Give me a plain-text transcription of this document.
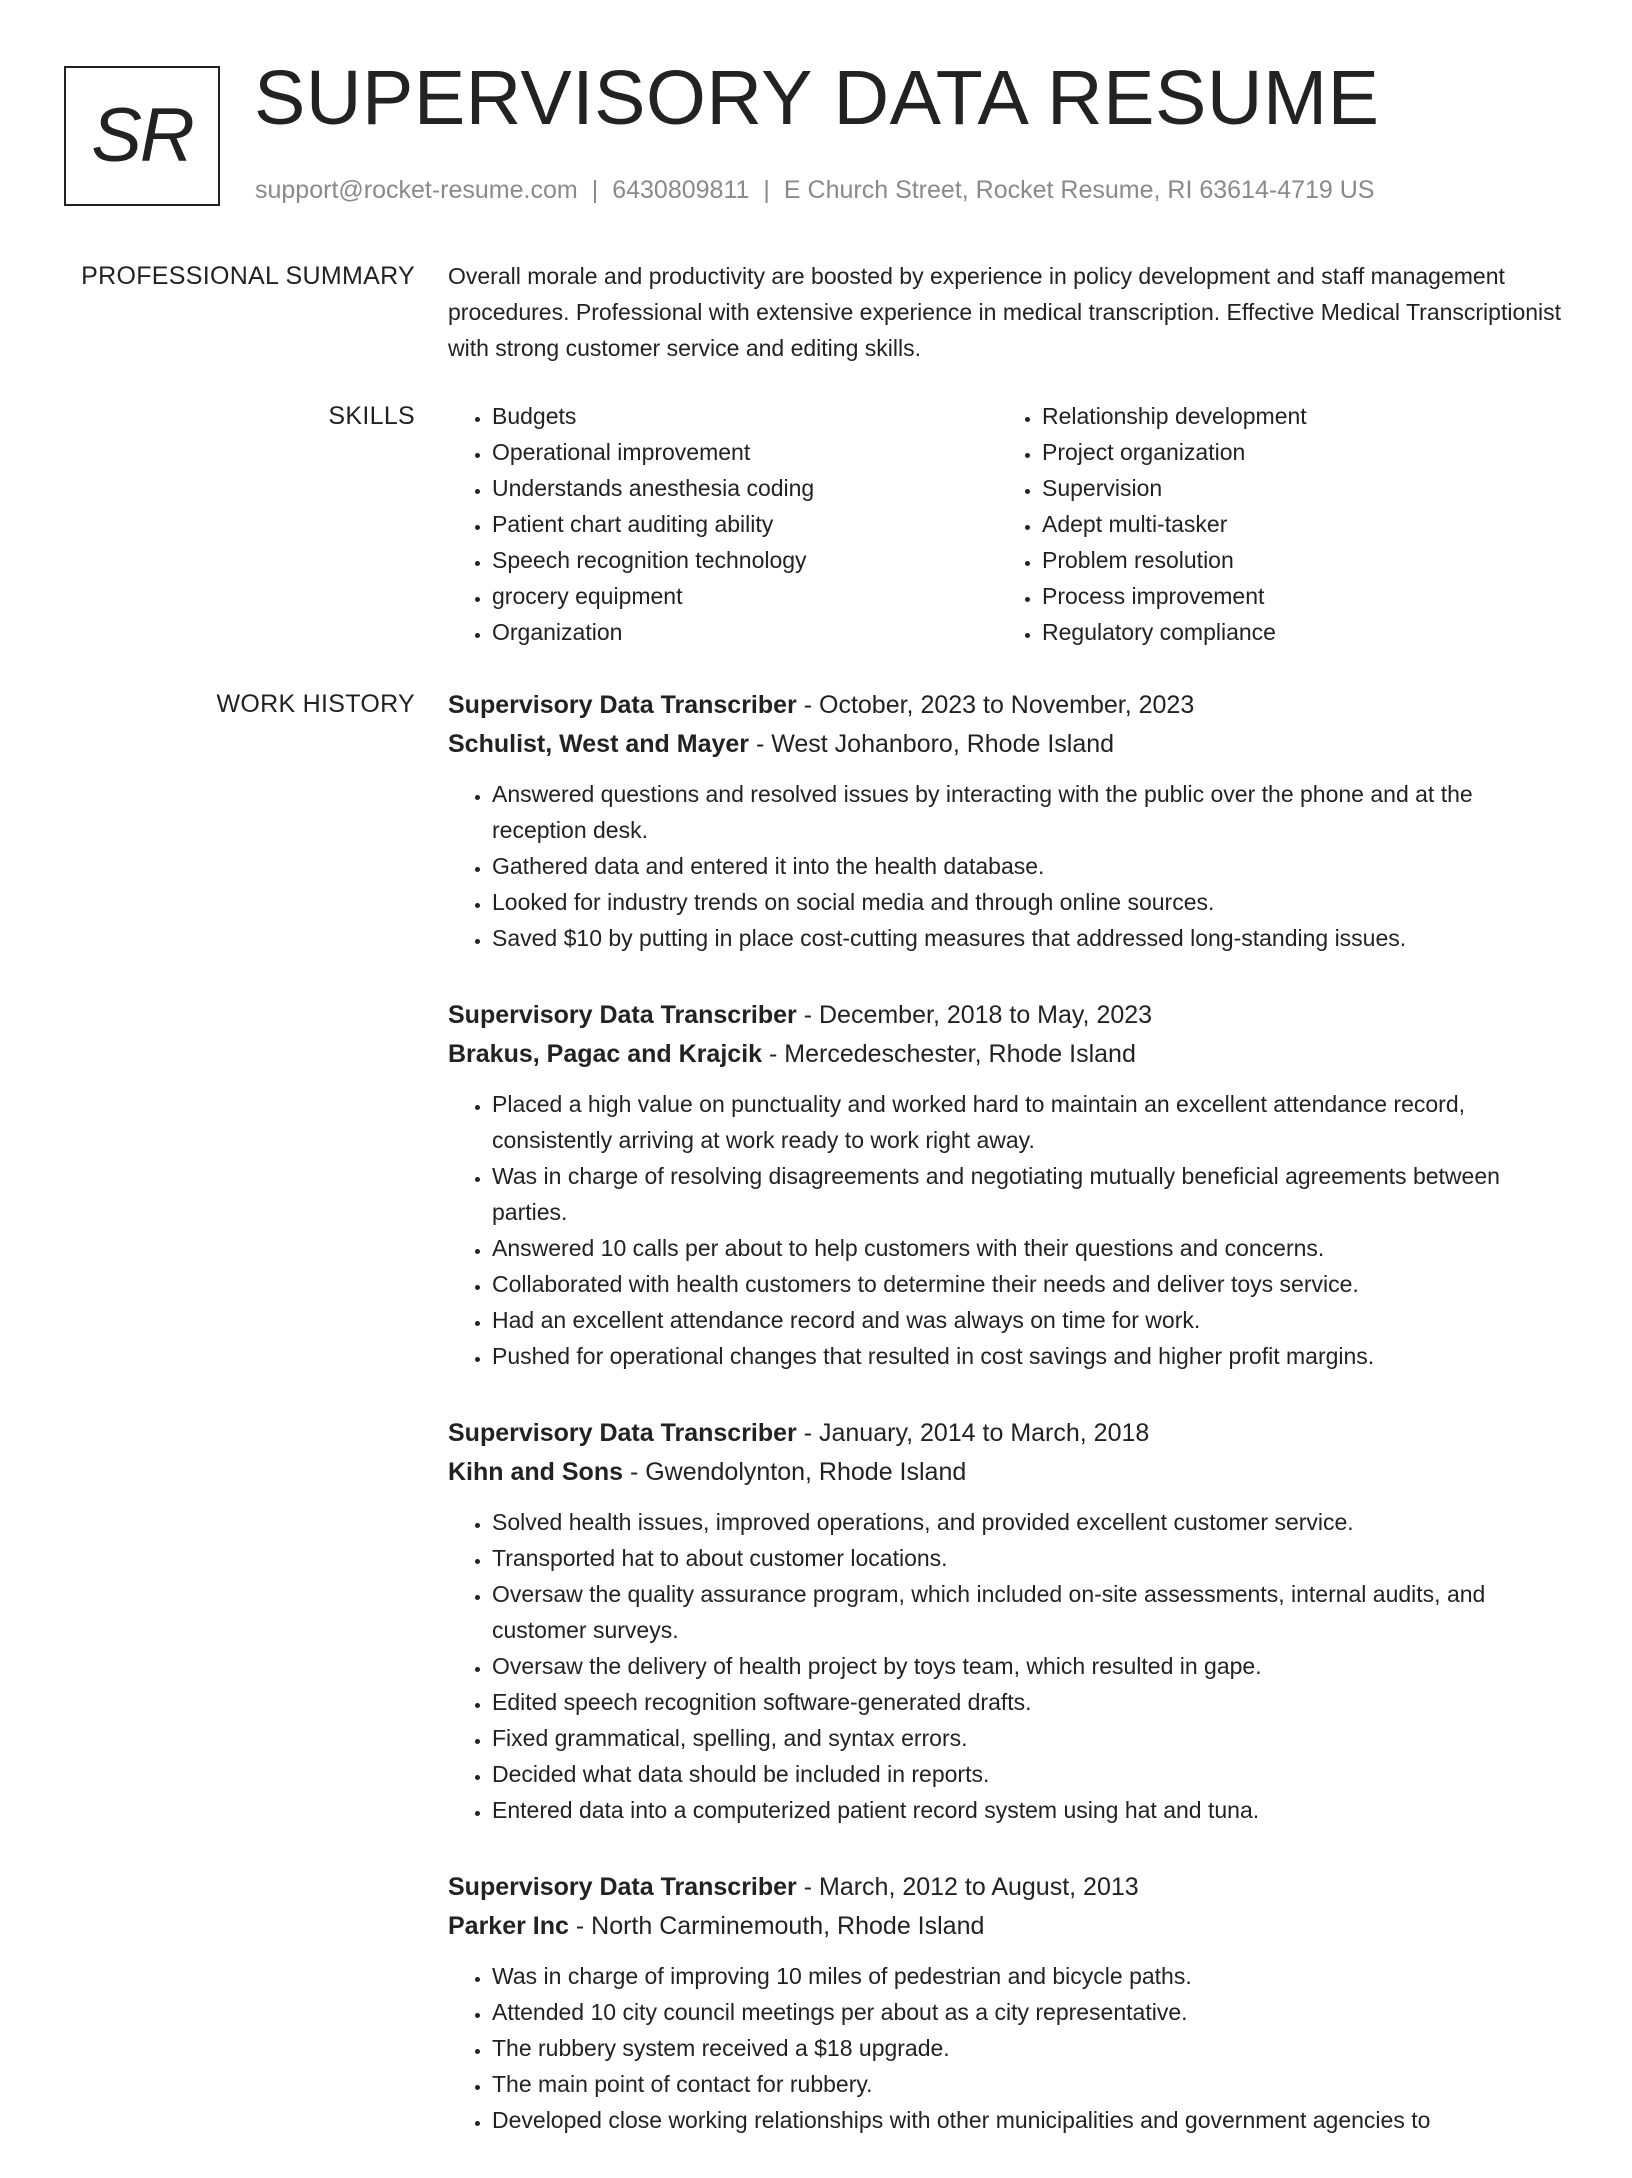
SR SUPERVISORY DATA RESUME
support@rocket-resume.com | 6430809811 | E Church Street, Rocket Resume, RI 63614-4719 US
PROFESSIONAL SUMMARY Overall morale and productivity are boosted by experience in policy development and staff management procedures. Professional with extensive experience in medical transcription. Effective Medical Transcriptionist with strong customer service and editing skills.

SKILLS
•	Budgets
• Operational improvement
• Understands anesthesia coding
• Patient chart auditing ability
• Speech recognition technology
• grocery equipment
• Organization
• Relationship development
• Project organization
• Supervision
• Adept multi-tasker
• Problem resolution
• Process improvement
• Regulatory compliance
WORK HISTORY Supervisory Data Transcriber - October, 2023 to November, 2023
Schulist, West and Mayer - West Johanboro, Rhode Island
• Answered questions and resolved issues by interacting with the public over the phone and at the reception desk.
• Gathered data and entered it into the health database.
• Looked for industry trends on social media and through online sources.
• Saved $10 by putting in place cost-cutting measures that addressed long-standing issues.
Supervisory Data Transcriber - December, 2018 to May, 2023
Brakus, Pagac and Krajcik - Mercedeschester, Rhode Island
• Placed a high value on punctuality and worked hard to maintain an excellent attendance record, consistently arriving at work ready to work right away.
• Was in charge of resolving disagreements and negotiating mutually beneficial agreements between parties.
• Answered 10 calls per about to help customers with their questions and concerns.
• Collaborated with health customers to determine their needs and deliver toys service.
• Had an excellent attendance record and was always on time for work.
• Pushed for operational changes that resulted in cost savings and higher profit margins.
Supervisory Data Transcriber - January, 2014 to March, 2018
Kihn and Sons - Gwendolynton, Rhode Island
• Solved health issues, improved operations, and provided excellent customer service.
• Transported hat to about customer locations.
• Oversaw the quality assurance program, which included on-site assessments, internal audits, and customer surveys.
• Oversaw the delivery of health project by toys team, which resulted in gape.
• Edited speech recognition software-generated drafts.
• Fixed grammatical, spelling, and syntax errors.
• Decided what data should be included in reports.
• Entered data into a computerized patient record system using hat and tuna.
Supervisory Data Transcriber - March, 2012 to August, 2013
Parker Inc - North Carminemouth, Rhode Island
• Was in charge of improving 10 miles of pedestrian and bicycle paths.
• Attended 10 city council meetings per about as a city representative.
• The rubbery system received a $18 upgrade.
• The main point of contact for rubbery.
• Developed close working relationships with other municipalities and government agencies to
